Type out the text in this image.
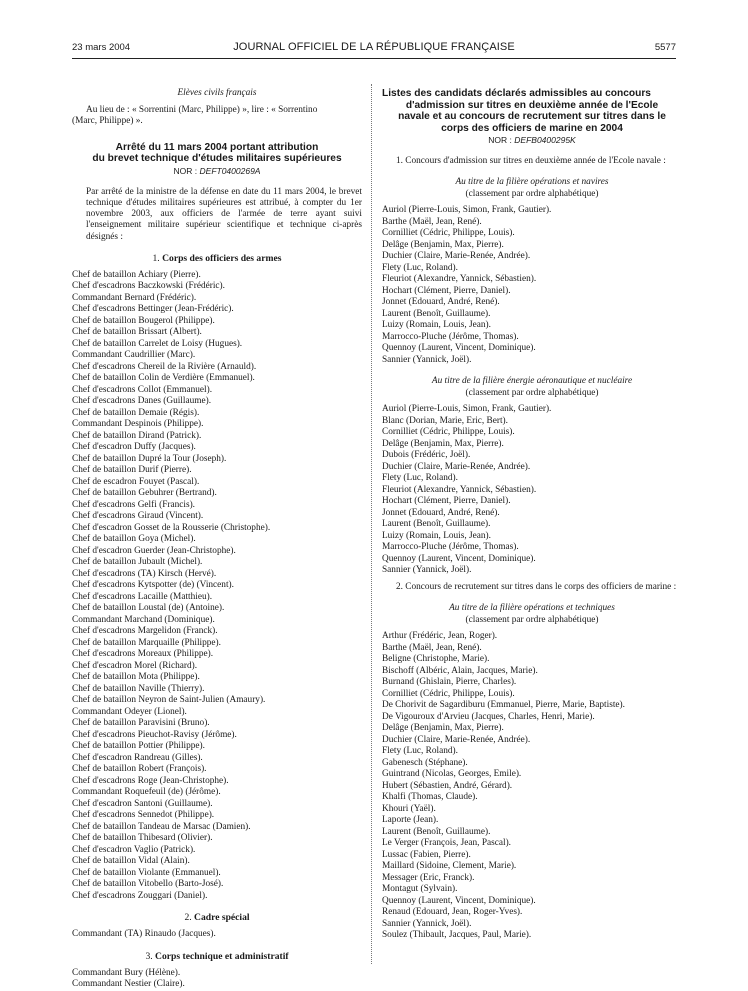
23 mars 2004	JOURNAL OFFICIEL DE LA RÉPUBLIQUE FRANÇAISE	5577
Elèves civils français
Au lieu de : « Sorrentini (Marc, Philippe) », lire : « Sorrentino
(Marc, Philippe) ».
Arrêté du 11 mars 2004 portant attribution
du brevet technique d'études militaires supérieures
NOR : DEFT0400269A
Par arrêté de la ministre de la défense en date du 11 mars 2004, le brevet technique d'études militaires supérieures est attribué, à compter du 1er novembre 2003, aux officiers de l'armée de terre ayant suivi l'enseignement militaire supérieur scientifique et technique ci-après désignés :
1. Corps des officiers des armes
Chef de bataillon Achiary (Pierre).
Chef d'escadrons Baczkowski (Frédéric).
Commandant Bernard (Frédéric).
Chef d'escadrons Bettinger (Jean-Frédéric).
Chef de bataillon Bougerol (Philippe).
Chef de bataillon Brissart (Albert).
Chef de bataillon Carrelet de Loisy (Hugues).
Commandant Caudrillier (Marc).
Chef d'escadrons Chereil de la Rivière (Arnauld).
Chef de bataillon Colin de Verdière (Emmanuel).
Chef d'escadrons Collot (Emmanuel).
Chef d'escadrons Danes (Guillaume).
Chef de bataillon Demaie (Régis).
Commandant Despinois (Philippe).
Chef de bataillon Dirand (Patrick).
Chef d'escadron Duffy (Jacques).
Chef de bataillon Dupré la Tour (Joseph).
Chef de bataillon Durif (Pierre).
Chef de escadron Fouyet (Pascal).
Chef de bataillon Gebuhrer (Bertrand).
Chef d'escadrons Gelfi (Francis).
Chef d'escadrons Giraud (Vincent).
Chef d'escadron Gosset de la Rousserie (Christophe).
Chef de bataillon Goya (Michel).
Chef d'escadron Guerder (Jean-Christophe).
Chef de bataillon Jubault (Michel).
Chef d'escadrons (TA) Kirsch (Hervé).
Chef d'escadrons Kytspotter (de) (Vincent).
Chef d'escadrons Lacaille (Matthieu).
Chef de bataillon Loustal (de) (Antoine).
Commandant Marchand (Dominique).
Chef d'escadrons Margelidon (Franck).
Chef de bataillon Marquaille (Philippe).
Chef d'escadrons Moreaux (Philippe).
Chef d'escadron Morel (Richard).
Chef de bataillon Mota (Philippe).
Chef de bataillon Naville (Thierry).
Chef de bataillon Neyron de Saint-Julien (Amaury).
Commandant Odeyer (Lionel).
Chef de bataillon Paravisini (Bruno).
Chef d'escadrons Pieuchot-Ravisy (Jérôme).
Chef de bataillon Pottier (Philippe).
Chef d'escadron Randreau (Gilles).
Chef de bataillon Robert (François).
Chef d'escadrons Roge (Jean-Christophe).
Commandant Roquefeuil (de) (Jérôme).
Chef d'escadron Santoni (Guillaume).
Chef d'escadrons Sennedot (Philippe).
Chef de bataillon Tandeau de Marsac (Damien).
Chef de bataillon Thibesard (Olivier).
Chef d'escadron Vaglio (Patrick).
Chef de bataillon Vidal (Alain).
Chef de bataillon Violante (Emmanuel).
Chef de bataillon Vitobello (Barto-José).
Chef d'escadrons Zouggari (Daniel).
2. Cadre spécial
Commandant (TA) Rinaudo (Jacques).
3. Corps technique et administratif
Commandant Bury (Hélène).
Commandant Nestier (Claire).
Listes des candidats déclarés admissibles au concours
d'admission sur titres en deuxième année de l'Ecole
navale et au concours de recrutement sur titres dans le
corps des officiers de marine en 2004
NOR : DEFB0400295K
1. Concours d'admission sur titres en deuxième année de l'Ecole navale :
Au titre de la filière opérations et navires
(classement par ordre alphabétique)
Auriol (Pierre-Louis, Simon, Frank, Gautier).
Barthe (Maël, Jean, René).
Cornilliet (Cédric, Philippe, Louis).
Delâge (Benjamin, Max, Pierre).
Duchier (Claire, Marie-Renée, Andrée).
Flety (Luc, Roland).
Fleuriot (Alexandre, Yannick, Sébastien).
Hochart (Clément, Pierre, Daniel).
Jonnet (Edouard, André, René).
Laurent (Benoît, Guillaume).
Luizy (Romain, Louis, Jean).
Marrocco-Pluche (Jérôme, Thomas).
Quennoy (Laurent, Vincent, Dominique).
Sannier (Yannick, Joël).
Au titre de la filière énergie aéronautique et nucléaire
(classement par ordre alphabétique)
Auriol (Pierre-Louis, Simon, Frank, Gautier).
Blanc (Dorian, Marie, Eric, Bert).
Cornilliet (Cédric, Philippe, Louis).
Delâge (Benjamin, Max, Pierre).
Dubois (Frédéric, Joël).
Duchier (Claire, Marie-Renée, Andrée).
Flety (Luc, Roland).
Fleuriot (Alexandre, Yannick, Sébastien).
Hochart (Clément, Pierre, Daniel).
Jonnet (Edouard, André, René).
Laurent (Benoît, Guillaume).
Luizy (Romain, Louis, Jean).
Marrocco-Pluche (Jérôme, Thomas).
Quennoy (Laurent, Vincent, Dominique).
Sannier (Yannick, Joël).
2. Concours de recrutement sur titres dans le corps des officiers de marine :
Au titre de la filière opérations et techniques
(classement par ordre alphabétique)
Arthur (Frédéric, Jean, Roger).
Barthe (Maël, Jean, René).
Beligne (Christophe, Marie).
Bischoff (Albéric, Alain, Jacques, Marie).
Burnand (Ghislain, Pierre, Charles).
Cornilliet (Cédric, Philippe, Louis).
De Chorivit de Sagardiburu (Emmanuel, Pierre, Marie, Baptiste).
De Vigouroux d'Arvieu (Jacques, Charles, Henri, Marie).
Delâge (Benjamin, Max, Pierre).
Duchier (Claire, Marie-Renée, Andrée).
Flety (Luc, Roland).
Gabenesch (Stéphane).
Guintrand (Nicolas, Georges, Emile).
Hubert (Sébastien, André, Gérard).
Khalfi (Thomas, Claude).
Khouri (Yaël).
Laporte (Jean).
Laurent (Benoît, Guillaume).
Le Verger (François, Jean, Pascal).
Lussac (Fabien, Pierre).
Maillard (Sidoine, Clement, Marie).
Messager (Eric, Franck).
Montagut (Sylvain).
Quennoy (Laurent, Vincent, Dominique).
Renaud (Edouard, Jean, Roger-Yves).
Sannier (Yannick, Joël).
Soulez (Thibault, Jacques, Paul, Marie).
